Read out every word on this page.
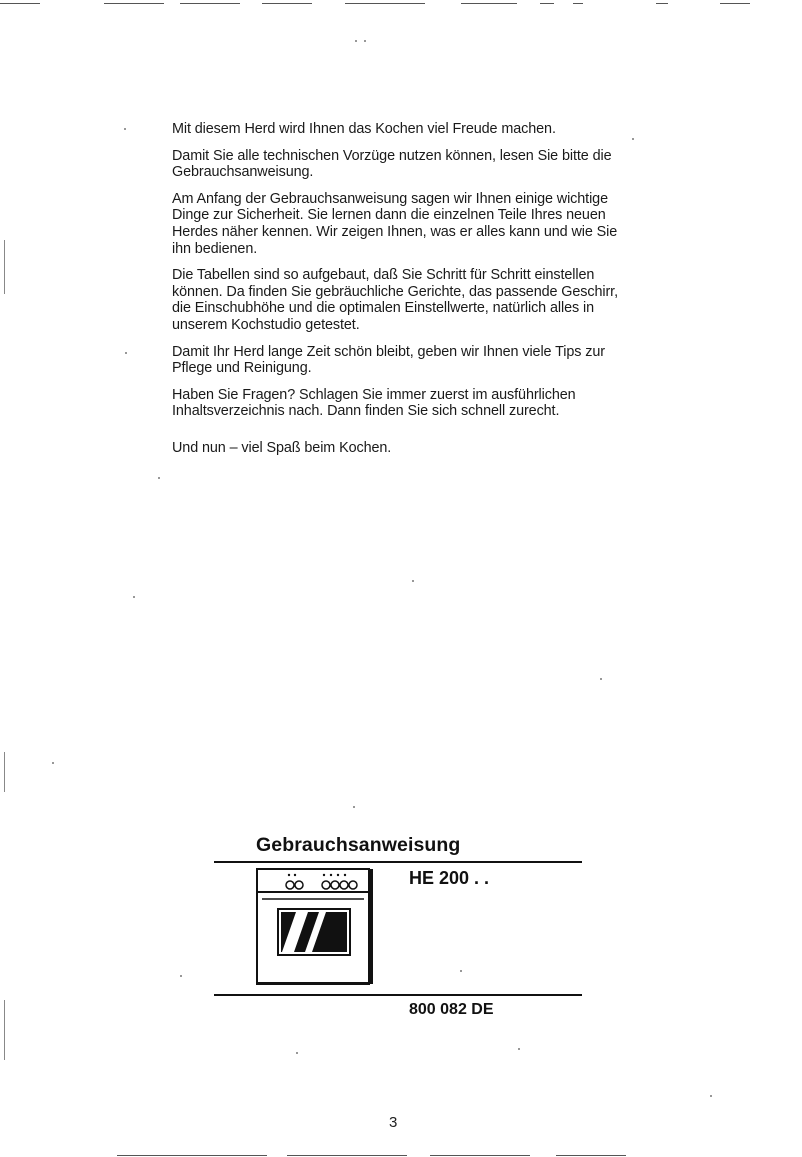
Mit diesem Herd wird Ihnen das Kochen viel Freude machen.

Damit Sie alle technischen Vorzüge nutzen können, lesen Sie bitte die Gebrauchsanweisung.

Am Anfang der Gebrauchsanweisung sagen wir Ihnen einige wichtige Dinge zur Sicherheit. Sie lernen dann die einzelnen Teile Ihres neuen Herdes näher kennen. Wir zeigen Ihnen, was er alles kann und wie Sie ihn bedienen.

Die Tabellen sind so aufgebaut, daß Sie Schritt für Schritt einstellen können. Da finden Sie gebräuchliche Gerichte, das passende Geschirr, die Einschubhöhe und die optimalen Einstellwerte, natürlich alles in unserem Kochstudio getestet.

Damit Ihr Herd lange Zeit schön bleibt, geben wir Ihnen viele Tips zur Pflege und Reinigung.

Haben Sie Fragen? Schlagen Sie immer zuerst im ausführlichen Inhaltsverzeichnis nach. Dann finden Sie sich schnell zurecht.

Und nun – viel Spaß beim Kochen.

Gebrauchsanweisung
HE 200 . .
800 082 DE
3
